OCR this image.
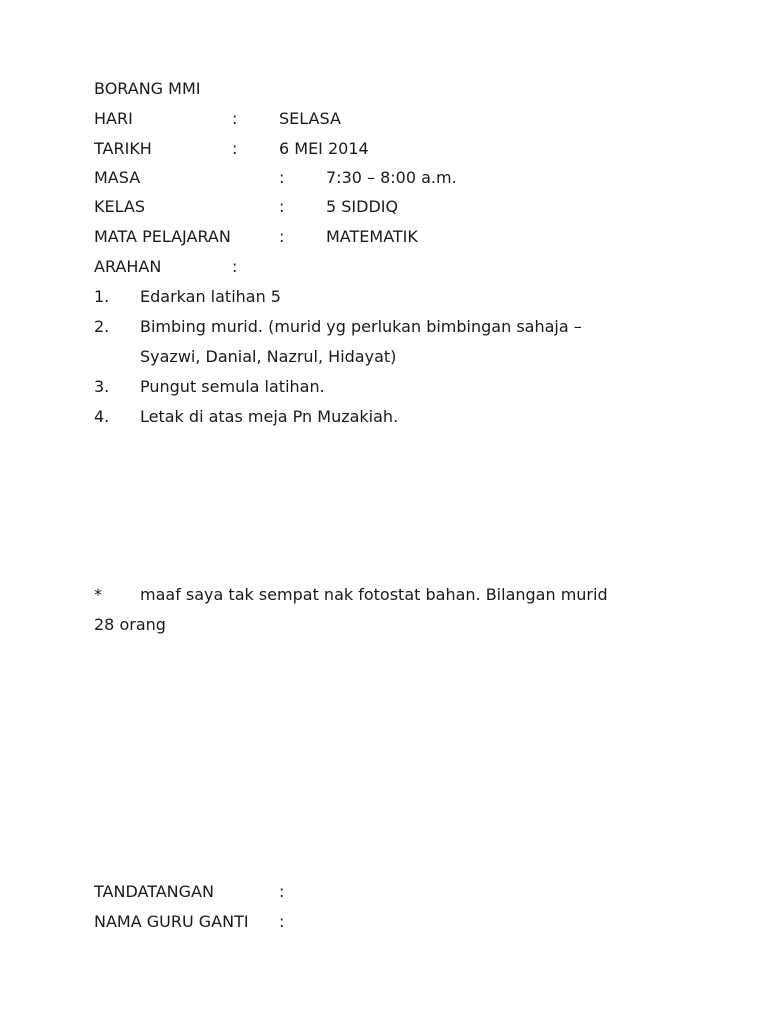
BORANG MMI
HARI	:	SELASA
TARIKH	:	6 MEI 2014
MASA	:	7:30 – 8:00 a.m.
KELAS	:	5 SIDDIQ
MATA PELAJARAN	:	MATEMATIK
ARAHAN	:
1. Edarkan latihan 5
2. Bimbing murid. (murid yg perlukan bimbingan sahaja –
Syazwi, Danial, Nazrul, Hidayat)
3. Pungut semula latihan.
4. Letak di atas meja Pn Muzakiah.
* maaf saya tak sempat nak fotostat bahan. Bilangan murid
28 orang
TANDATANGAN	:
NAMA GURU GANTI :
